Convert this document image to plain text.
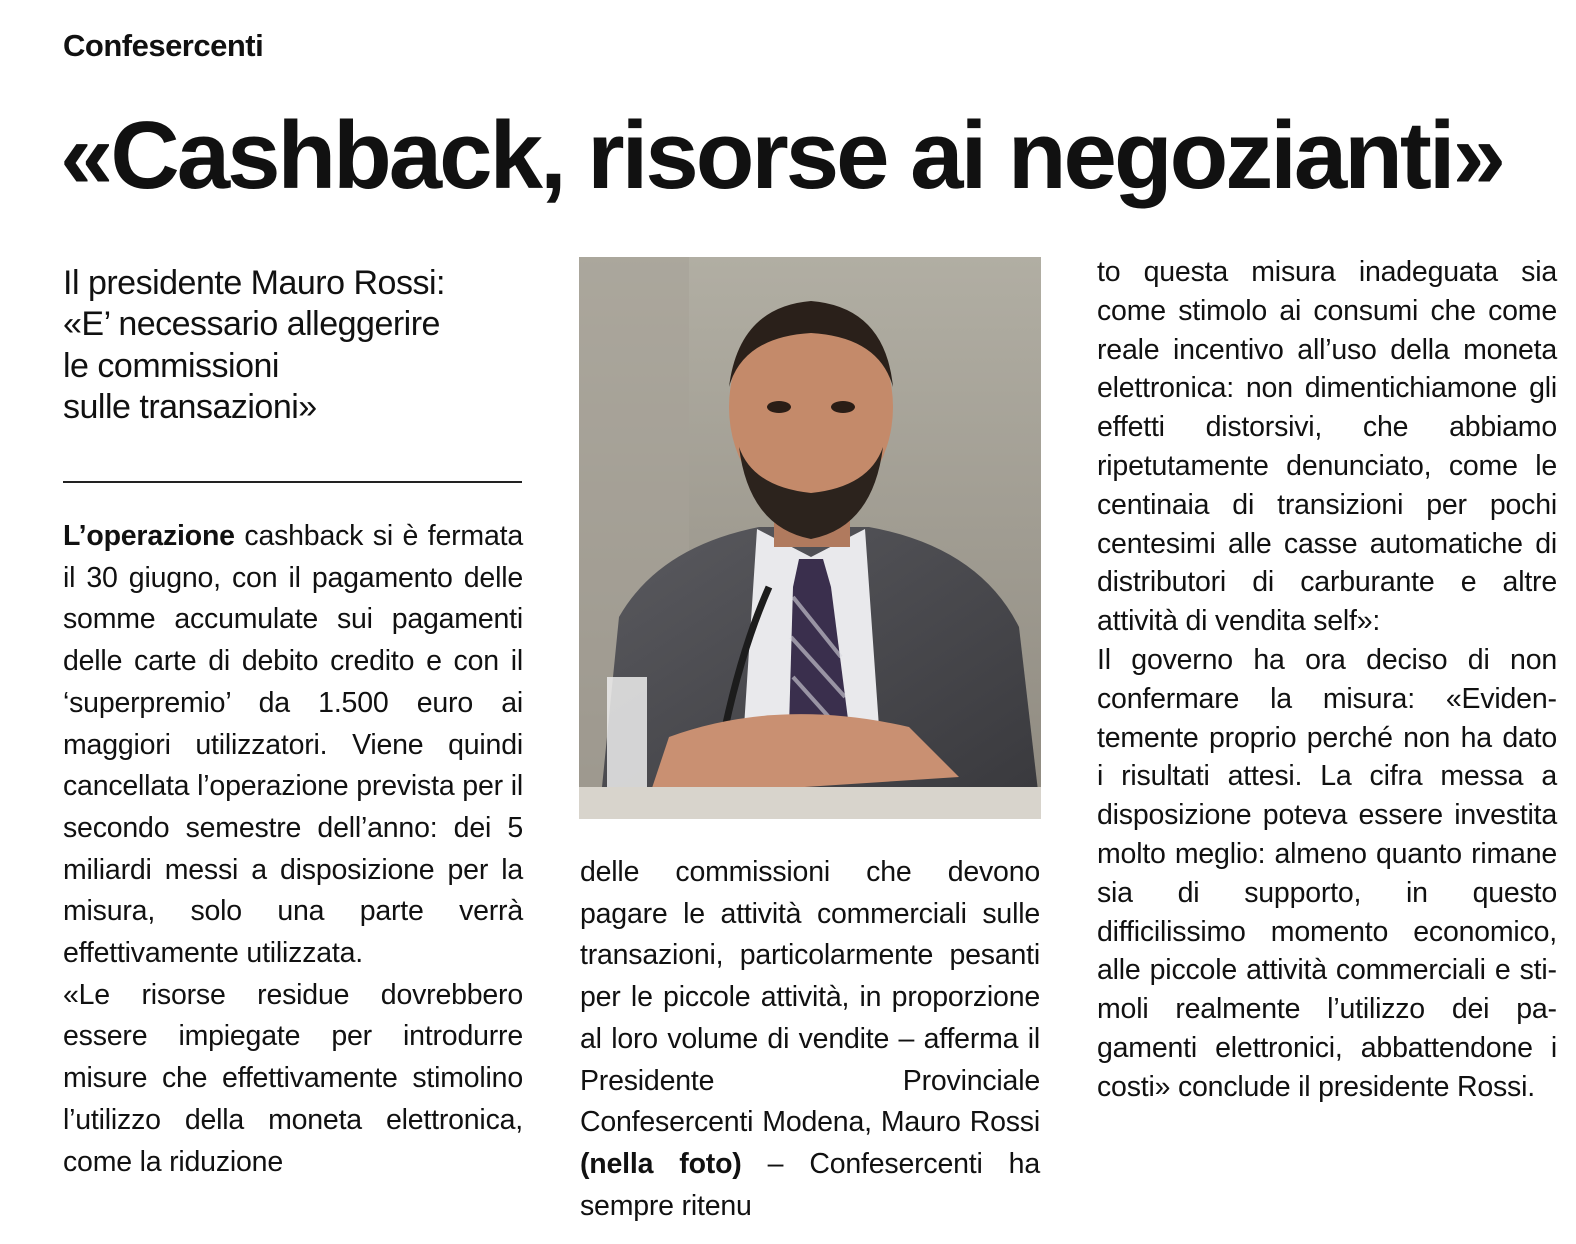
Confesercenti
«Cashback, risorse ai negozianti»
Il presidente Mauro Rossi:
«E’ necessario alleggerire
le commissioni
sulle transazioni»

L’operazione cashback si è fermata il 30 giugno, con il pagamento delle somme accumulate sui pagamenti delle carte di debito credito e con il ‘superpremio’ da 1.500 euro ai maggiori utilizzatori. Viene quindi cancellata l’operazione prevista per il secondo semestre dell’anno: dei 5 miliardi messi a disposizione per la misura, solo una parte verrà effettivamente utilizzata.

«Le risorse residue dovrebbero essere impiegate per introdurre misure che effettivamente stimolino l’utilizzo della moneta elettronica, come la riduzione

delle commissioni che devono pagare le attività commerciali sulle transazioni, particolarmente pesanti per le piccole attività, in proporzione al loro volume di vendite – afferma il Presidente Provinciale Confesercenti Modena, Mauro Rossi (nella foto) – Confesercenti ha sempre ritenu

to questa misura inadeguata sia come stimolo ai consumi che come reale incentivo all’uso della moneta elettronica: non dimentichiamone gli effetti distorsivi, che abbiamo ripetutamente denunciato, come le centinaia di transizioni per pochi centesimi alle casse automatiche di distributori di carburante e altre attività di vendita self»:

Il governo ha ora deciso di non confermare la misura: «Evidentemente proprio perché non ha dato i risultati attesi. La cifra messa a disposizione poteva essere investita molto meglio: almeno quanto rimane sia di supporto, in questo difficilissimo momento economico, alle piccole attività commerciali e stimoli realmente l’utilizzo dei pagamenti elettronici, abbattendone i costi» conclude il presidente Rossi.
